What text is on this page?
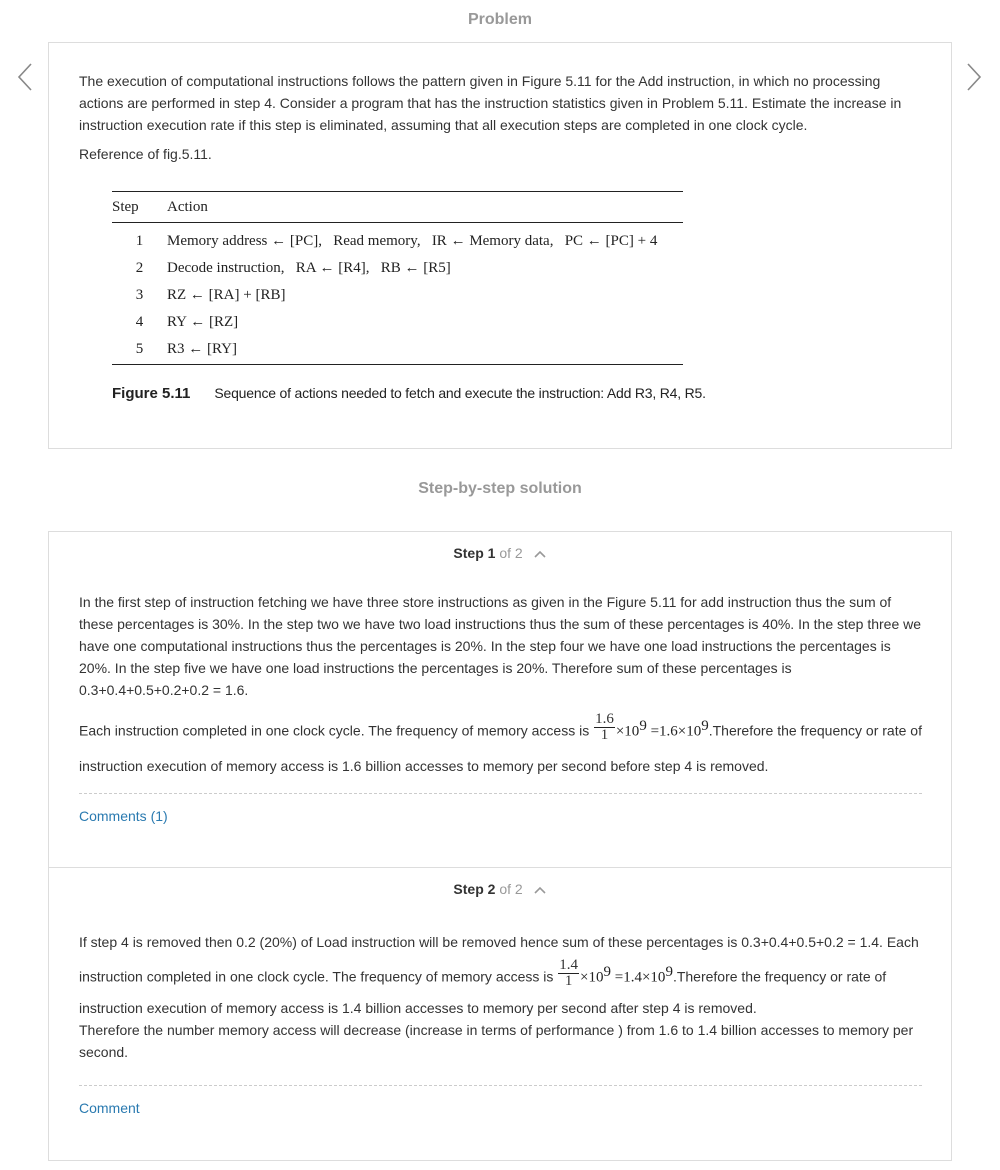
Problem

The execution of computational instructions follows the pattern given in Figure 5.11 for the Add instruction, in which no processing actions are performed in step 4. Consider a program that has the instruction statistics given in Problem 5.11. Estimate the increase in instruction execution rate if this step is eliminated, assuming that all execution steps are completed in one clock cycle.

Reference of fig.5.11.

Step	Action
1	Memory address ← [PC],   Read memory,   IR ← Memory data,   PC ← [PC] + 4
2	Decode instruction,   RA ← [R4],   RB ← [R5]
3	RZ ← [RA] + [RB]
4	RY ← [RZ]
5	R3 ← [RY]
Figure 5.11 Sequence of actions needed to fetch and execute the instruction: Add R3, R4, R5.
Step-by-step solution
Step 1 of 2
Comments (1)

In the first step of instruction fetching we have three store instructions as given in the Figure 5.11 for add instruction thus the sum of these percentages is 30%. In the step two we have two load instructions thus the sum of these percentages is 40%. In the step three we have one computational instructions thus the percentages is 20%. In the step four we have one load instructions the percentages is 20%. In the step five we have one load instructions the percentages is 20%. Therefore sum of these percentages is 0.3+0.4+0.5+0.2+0.2 = 1.6.

Each instruction completed in one clock cycle. The frequency of memory access is $\frac{1.6}{1} \times 10^9$ $=1.6\times 10^9.Therefore$ the frequency or rate of instruction execution of memory access is 1.6 billion accesses to memory per second before step 4 is removed.

Step 2 of 2
Comment

If step 4 is removed then 0.2 (20%) of Load instruction will be removed hence sum of these percentages is 0.3+0.4+0.5+0.2 = 1.4. Each instruction completed in one clock cycle. The frequency of memory access is $\frac{1.4}{1} \times 10^9$ $=1.4\times 10^9.Therefore$ the frequency or rate of instruction execution of memory access is 1.4 billion accesses to memory per second after step 4 is removed.

Therefore the number memory access will decrease (increase in terms of performance ) from 1.6 to 1.4 billion accesses to memory per second.
